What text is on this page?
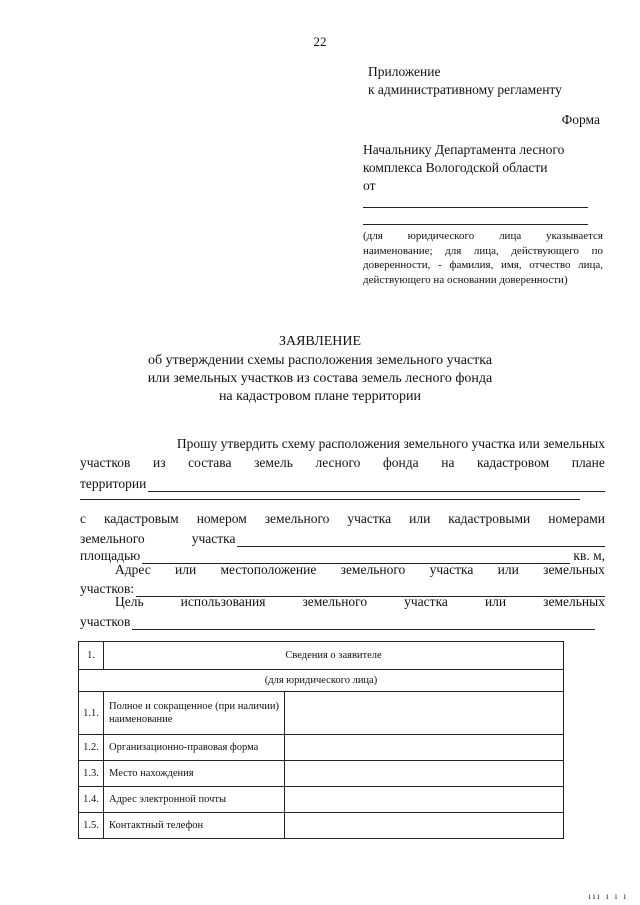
22
Приложение
к административному регламенту
Форма
Начальнику Департамента лесного
комплекса Вологодской области
от
(для юридического лица указывается наименование; для лица, действующего по доверенности, - фамилия, имя, отчество лица, действующего на основании доверенности)
ЗАЯВЛЕНИЕ
об утверждении схемы расположения земельного участка
или земельных участков из состава земель лесного фонда
на кадастровом плане территории
Прошу утвердить схему расположения земельного участка или земельных
участков из состава земель лесного фонда на кадастровом плане
территории
с кадастровым номером земельного участка или кадастровыми номерами
земельного	участка
площадью	кв. м,
Адрес или местоположение земельного участка или земельных
участков:
Цель	использования	земельного	участка	или	земельных
участков
1.	Сведения о заявителе	
(для юридического лица)		
1.1.	Полное и сокращенное (при наличии) наименование	

1.2.	Организационно-правовая форма	
1.3.	Место нахождения	
1.4.	Адрес электронной почты	
1.5.	Контактный телефон	
ııı ı ı ı
